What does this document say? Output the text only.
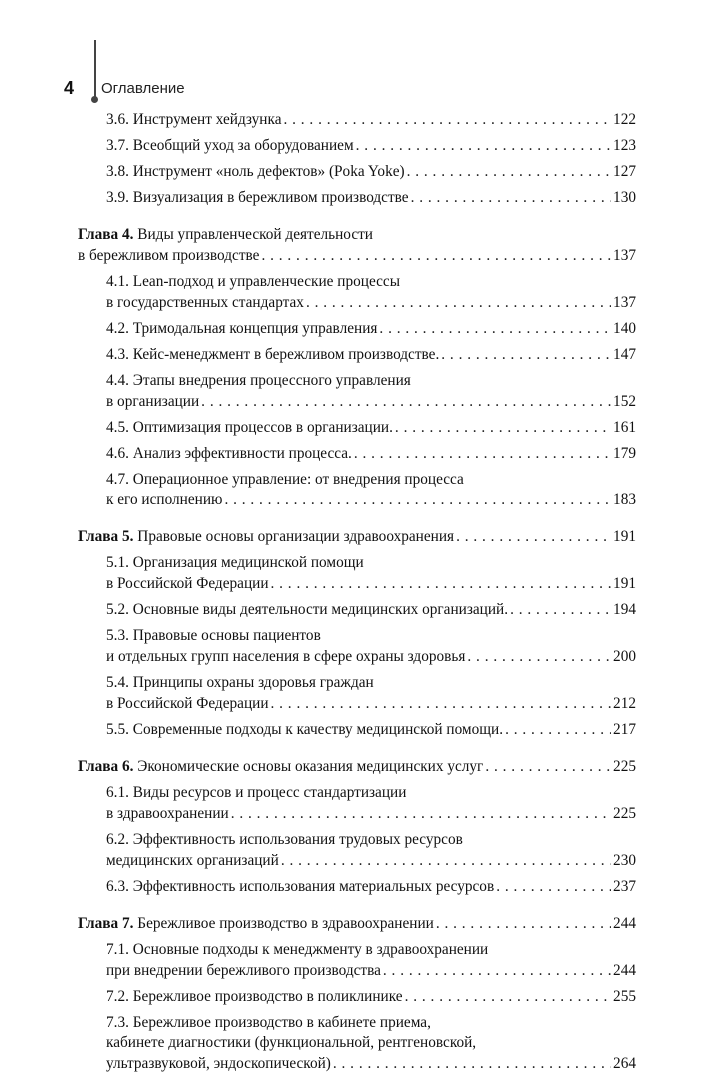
4 Оглавление
3.6. Инструмент хейдзунка . . .	122
3.7. Всеобщий уход за оборудованием . . .	123
3.8. Инструмент «ноль дефектов» (Poka Yoke) . . .	127
3.9. Визуализация в бережливом производстве . . .	130
Глава 4.
Виды управленческой деятельности
в бережливом производстве . . .	137
4.1. Lean-подход и управленческие процессы
в государственных стандартах . . .	137
4.2. Тримодальная концепция управления . . .	140
4.3. Кейс-менеджмент в бережливом производстве. . . .	147
4.4. Этапы внедрения процессного управления
в организации . . .	152
4.5. Оптимизация процессов в организации. . . .	161
4.6. Анализ эффективности процесса. . . .	179
4.7. Операционное управление: от внедрения процесса
к его исполнению . . .	183
Глава 5.
Правовые основы организации здравоохранения . . .	191
5.1. Организация медицинской помощи
в Российской Федерации . . .	191
5.2. Основные виды деятельности медицинских организаций. . . .	194
5.3. Правовые основы пациентов
и отдельных групп населения в сфере охраны здоровья . . .	200
5.4. Принципы охраны здоровья граждан
в Российской Федерации . . .	212
5.5. Современные подходы к качеству медицинской помощи. . . .	217
Глава 6.
Экономические основы оказания медицинских услуг . . .	225
6.1. Виды ресурсов и процесс стандартизации
в здравоохранении . . .	225
6.2. Эффективность использования трудовых ресурсов
медицинских организаций . . .	230
6.3. Эффективность использования материальных ресурсов . . .	237
Глава 7.
Бережливое производство в здравоохранении . . .	244
7.1. Основные подходы к менеджменту в здравоохранении
при внедрении бережливого производства . . .	244
7.2. Бережливое производство в поликлинике . . .	255
7.3. Бережливое производство в кабинете приема,
кабинете диагностики (функциональной, рентгеновской,
ультразвуковой, эндоскопической) . . .	264
